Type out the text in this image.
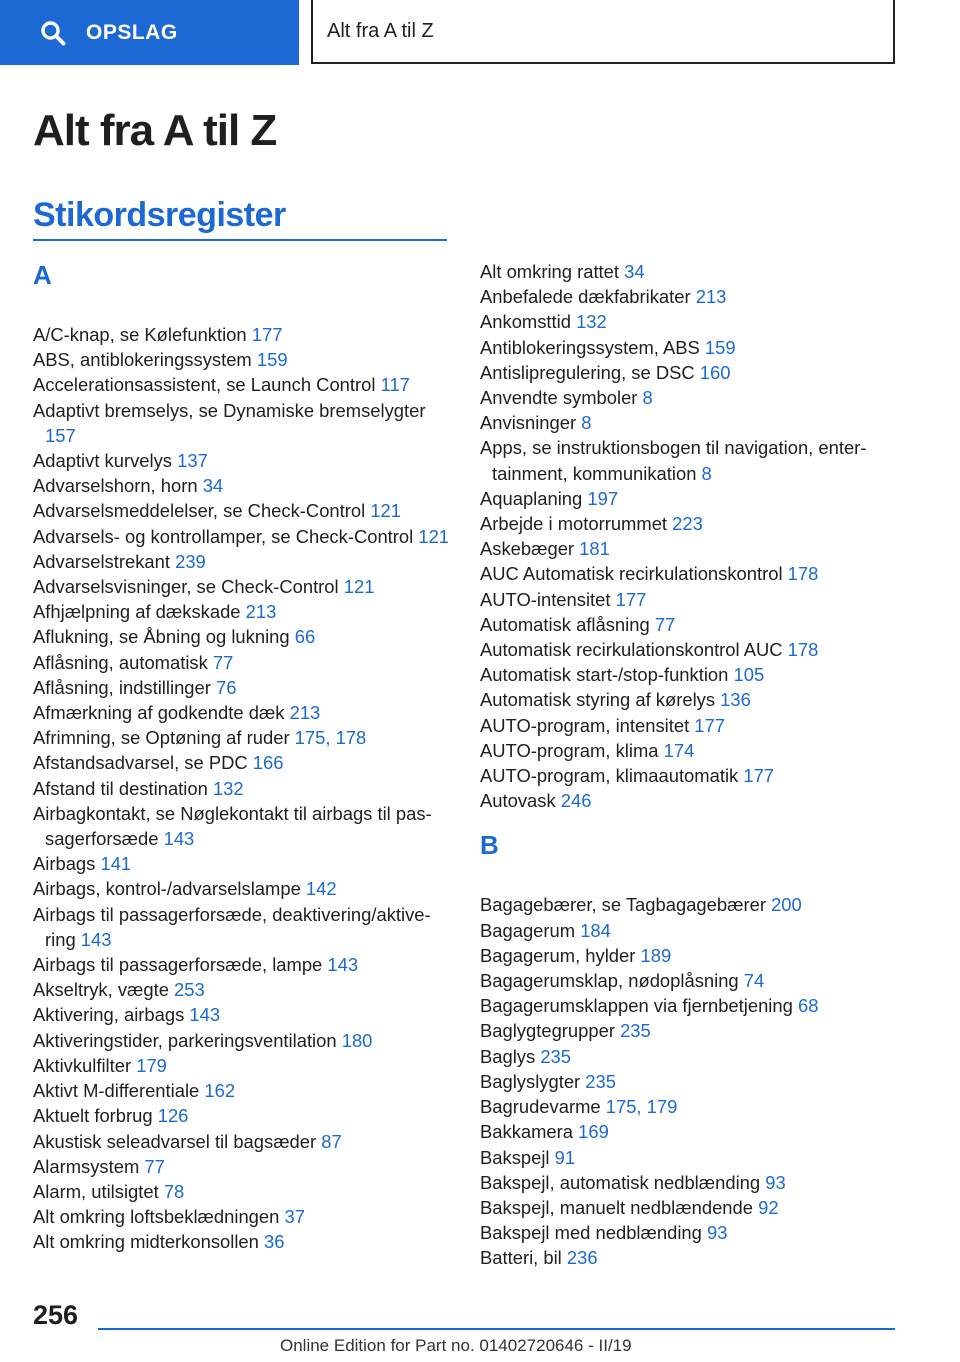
OPSLAG	Alt fra A til Z
Alt fra A til Z
Stikordsregister
A
A/C-knap, se Kølefunktion 177
ABS, antiblokeringssystem 159
Accelerationsassistent, se Launch Control 117
Adaptivt bremselys, se Dynamiske bremselygter 157
Adaptivt kurvelys 137
Advarselshorn, horn 34
Advarselsmeddelelser, se Check-Control 121
Advarsels- og kontrollamper, se Check-Control 121
Advarselstrekant 239
Advarselsvisninger, se Check-Control 121
Afhjælpning af dækskade 213
Aflukning, se Åbning og lukning 66
Aflåsning, automatisk 77
Aflåsning, indstillinger 76
Afmærkning af godkendte dæk 213
Afrimning, se Optøning af ruder 175, 178
Afstandsadvarsel, se PDC 166
Afstand til destination 132
Airbagkontakt, se Nøglekontakt til airbags til passagerforsæde 143
Airbags 141
Airbags, kontrol-/advarselslampe 142
Airbags til passagerforsæde, deaktivering/aktivering 143
Airbags til passagerforsæde, lampe 143
Akseltryk, vægte 253
Aktivering, airbags 143
Aktiveringstider, parkeringsventilation 180
Aktivkulfilter 179
Aktivt M-differentiale 162
Aktuelt forbrug 126
Akustisk seleadvarsel til bagsæder 87
Alarmsystem 77
Alarm, utilsigtet 78
Alt omkring loftsbeklædningen 37
Alt omkring midterkonsollen 36
Alt omkring rattet 34
Anbefalede dækfabrikater 213
Ankomsttid 132
Antiblokeringssystem, ABS 159
Antislipregulering, se DSC 160
Anvendte symboler 8
Anvisninger 8
Apps, se instruktionsbogen til navigation, entertainment, kommunikation 8
Aquaplaning 197
Arbejde i motorrummet 223
Askebæger 181
AUC Automatisk recirkulationskontrol 178
AUTO-intensitet 177
Automatisk aflåsning 77
Automatisk recirkulationskontrol AUC 178
Automatisk start-/stop-funktion 105
Automatisk styring af kørelys 136
AUTO-program, intensitet 177
AUTO-program, klima 174
AUTO-program, klimaautomatik 177
Autovask 246
B
Bagagebærer, se Tagbagagebærer 200
Bagagerum 184
Bagagerum, hylder 189
Bagagerumsklap, nødoplåsning 74
Bagagerumsklappen via fjernbetjening 68
Baglygtegrupper 235
Baglys 235
Baglyslygter 235
Bagrudevarme 175, 179
Bakkamera 169
Bakspejl 91
Bakspejl, automatisk nedblænding 93
Bakspejl, manuelt nedblændende 92
Bakspejl med nedblænding 93
Batteri, bil 236
256
Online Edition for Part no. 01402720646 - II/19
